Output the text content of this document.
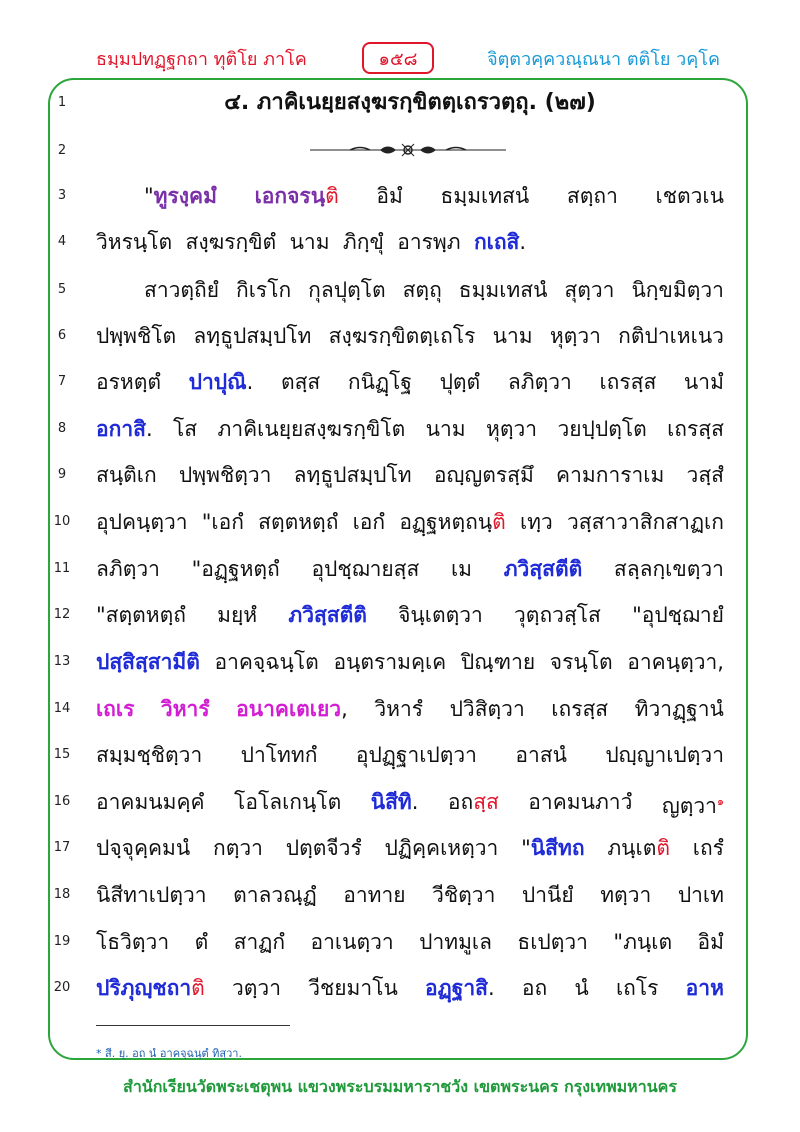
ธมฺมปทฏฺฐกถา ทุติโย ภาโค	๑๕๘	จิตฺตวคฺควณฺณนา ตติโย วคฺโค
1
2
3
4
5
6
7
8
9
10
11
12
13
14
15
16
17
18
19
20
๔. ภาคิเนยฺยสงฺฆรกฺขิตตฺเถรวตฺถุ. (๒๗)
"ทูรงฺคมํ เอกจรนฺติ อิมํ ธมฺมเทสนํ สตฺถา เชตวเน
วิหรนฺโต สงฺฆรกฺขิตํ นาม ภิกฺขุํ อารพฺภ กเถสิ.
สาวตฺถิยํ กิเรโก กุลปุตฺโต สตฺถุ ธมฺมเทสนํ สุตฺวา นิกฺขมิตฺวา
ปพฺพชิโต ลทฺธูปสมฺปโท สงฺฆรกฺขิตตฺเถโร นาม หุตฺวา กติปาเหเนว
อรหตฺตํ ปาปุณิ. ตสฺส กนิฏฺโฐ ปุตฺตํ ลภิตฺวา เถรสฺส นามํ
อกาสิ. โส ภาคิเนยฺยสงฺฆรกฺขิโต นาม หุตฺวา วยปฺปตฺโต เถรสฺส
สนฺติเก ปพฺพชิตฺวา ลทฺธูปสมฺปโท อญฺญตรสฺมึ คามการาเม วสฺสํ
อุปคนฺตฺวา "เอกํ สตฺตหตฺถํ เอกํ อฏฺฐหตฺถนฺติ เทฺว วสฺสาวาสิกสาฏเก
ลภิตฺวา "อฏฺฐหตฺถํ อุปชฺฌายสฺส เม ภวิสฺสตีติ สลฺลกฺเขตฺวา
"สตฺตหตฺถํ มยฺหํ ภวิสฺสตีติ จินฺเตตฺวา วุตฺถวสฺโส "อุปชฺฌายํ
ปสฺสิสฺสามีติ อาคจฺฉนฺโต อนฺตรามคฺเค ปิณฺฑาย จรนฺโต อาคนฺตฺวา,
เถเร วิหารํ อนาคเตเยว, วิหารํ ปวิสิตฺวา เถรสฺส ทิวาฏฺฐานํ
สมฺมชฺชิตฺวา ปาโททกํ อุปฏฺฐาเปตฺวา อาสนํ ปญฺญาเปตฺวา
อาคมนมคฺคํ โอโลเกนฺโต นิสีทิ. อถสฺส อาคมนภาวํ ญตฺวา$^๑$
ปจฺจุคฺคมนํ กตฺวา ปตฺตจีวรํ ปฏิคฺคเหตฺวา "นิสีทถ ภนฺเตติ เถรํ
นิสีทาเปตฺวา ตาลวณฺฏํ อาทาย วีชิตฺวา ปานียํ ทตฺวา ปาเท
โธวิตฺวา ตํ สาฏกํ อาเนตฺวา ปาทมูเล ธเปตฺวา "ภนฺเต อิมํ
ปริภุญฺชถาติ วตฺวา วีชยมาโน อฏฺฐาสิ. อถ นํ เถโร อาห
* สี. ยุ. อถ นํ อาคจฺฉนฺตํ ทิสฺวา.
สำนักเรียนวัดพระเชตุพน แขวงพระบรมมหาราชวัง เขตพระนคร กรุงเทพมหานคร
